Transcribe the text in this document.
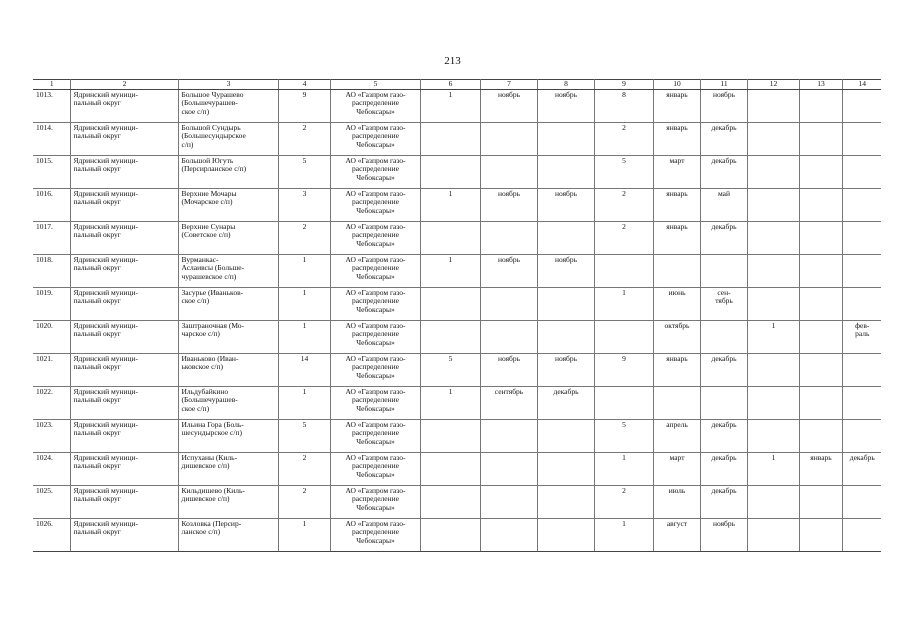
213
1	2	3	4	5	6	7	8	9	10	11	12	13	14
1013.	Ядринский муници-
пальный округ	Большое Чурашево
(Большечурашев-
ское с/п)	9	АО «Газпром газо-
распределение
Чебоксары»	1	ноябрь	ноябрь	8	январь	ноябрь			
1014.	Ядринский муници-
пальный округ	Большой Сундырь
(Большесундырское
с/п)	2	АО «Газпром газо-
распределение
Чебоксары»				2	январь	декабрь			
1015.	Ядринский муници-
пальный округ	Большой Югуть
(Персирланское с/п)	5	АО «Газпром газо-
распределение
Чебоксары»				5	март	декабрь			
1016.	Ядринский муници-
пальный округ	Верхние Мочары
(Мочарское с/п)	3	АО «Газпром газо-
распределение
Чебоксары»	1	ноябрь	ноябрь	2	январь	май			
1017.	Ядринский муници-
пальный округ	Верхние Сунары
(Советское с/п)	2	АО «Газпром газо-
распределение
Чебоксары»				2	январь	декабрь			
1018.	Ядринский муници-
пальный округ	Вурманкас-
Аслаивсы (Больше-
чурашевское с/п)	1	АО «Газпром газо-
распределение
Чебоксары»	1	ноябрь	ноябрь						
1019.	Ядринский муници-
пальный округ	Засурье (Иваньков-
ское с/п)	1	АО «Газпром газо-
распределение
Чебоксары»				1	июнь	сен-
тябрь			
1020.	Ядринский муници-
пальный округ	Заштраночная (Мо-
чарское с/п)	1	АО «Газпром газо-
распределение
Чебоксары»					октябрь		1		фев-
раль
1021.	Ядринский муници-
пальный округ	Иваньково (Иван-
ьковское с/п)	14	АО «Газпром газо-
распределение
Чебоксары»	5	ноябрь	ноябрь	9	январь	декабрь			
1022.	Ядринский муници-
пальный округ	Ильдубайкино
(Большечурашев-
ское с/п)	1	АО «Газпром газо-
распределение
Чебоксары»	1	сентябрь	декабрь						
1023.	Ядринский муници-
пальный округ	Ильина Гора (Боль-
шесундырское с/п)	5	АО «Газпром газо-
распределение
Чебоксары»				5	апрель	декабрь			
1024.	Ядринский муници-
пальный округ	Испуханы (Киль-
дишевское с/п)	2	АО «Газпром газо-
распределение
Чебоксары»				1	март	декабрь	1	январь	декабрь
1025.	Ядринский муници-
пальный округ	Кильдишево (Киль-
дишевское с/п)	2	АО «Газпром газо-
распределение
Чебоксары»				2	июль	декабрь			
1026.	Ядринский муници-
пальный округ	Козловка (Персир-
ланское с/п)	1	АО «Газпром газо-
распределение
Чебоксары»				1	август	ноябрь			
